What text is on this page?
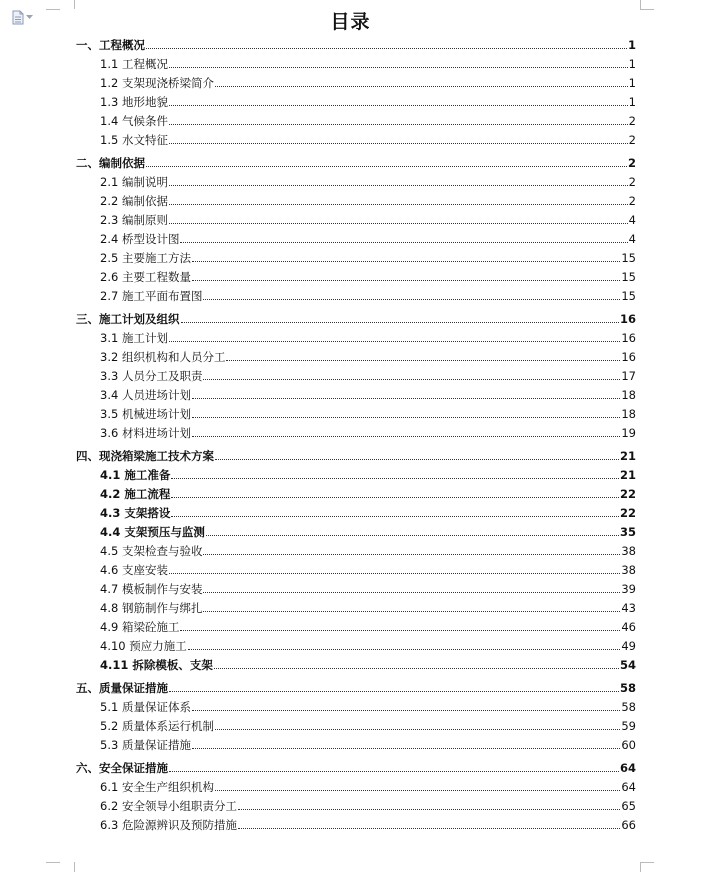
目录
一、工程概况	1
1.1 工程概况	1
1.2 支架现浇桥梁简介	1
1.3 地形地貌	1
1.4 气候条件	2
1.5 水文特征	2
二、编制依据	2
2.1 编制说明	2
2.2 编制依据	2
2.3 编制原则	4
2.4 桥型设计图	4
2.5 主要施工方法	15
2.6 主要工程数量	15
2.7 施工平面布置图	15
三、施工计划及组织	16
3.1 施工计划	16
3.2 组织机构和人员分工	16
3.3 人员分工及职责	17
3.4 人员进场计划	18
3.5 机械进场计划	18
3.6 材料进场计划	19
四、现浇箱梁施工技术方案	21
4.1 施工准备	21
4.2 施工流程	22
4.3 支架搭设	22
4.4 支架预压与监测	35
4.5 支架检查与验收	38
4.6 支座安装	38
4.7 模板制作与安装	39
4.8 钢筋制作与绑扎	43
4.9 箱梁砼施工	46
4.10 预应力施工	49
4.11 拆除模板、支架	54
五、质量保证措施	58
5.1 质量保证体系	58
5.2 质量体系运行机制	59
5.3 质量保证措施	60
六、安全保证措施	64
6.1 安全生产组织机构	64
6.2 安全领导小组职责分工	65
6.3 危险源辨识及预防措施	66
